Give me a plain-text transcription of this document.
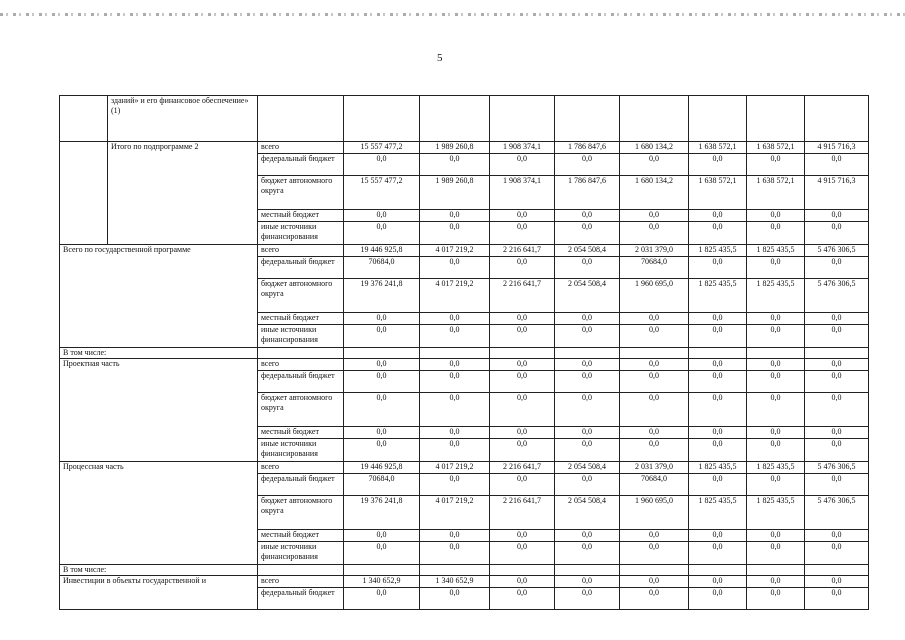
5
	зданий» и его финансовое обеспечение» (1)									
	Итого по подпрограмме 2	всего	15 557 477,2	1 989 260,8	1 908 374,1	1 786 847,6	1 680 134,2	1 638 572,1	1 638 572,1	4 915 716,3
		федеральный бюджет	0,0	0,0	0,0	0,0	0,0	0,0	0,0	0,0
		бюджет автономного округа	15 557 477,2	1 989 260,8	1 908 374,1	1 786 847,6	1 680 134,2	1 638 572,1	1 638 572,1	4 915 716,3
		местный бюджет	0,0	0,0	0,0	0,0	0,0	0,0	0,0	0,0
		иные источники финансирования	0,0	0,0	0,0	0,0	0,0	0,0	0,0	0,0
Всего по государственной программе		всего	19 446 925,8	4 017 219,2	2 216 641,7	2 054 508,4	2 031 379,0	1 825 435,5	1 825 435,5	5 476 306,5
		федеральный бюджет	70684,0	0,0	0,0	0,0	70684,0	0,0	0,0	0,0
		бюджет автономного округа	19 376 241,8	4 017 219,2	2 216 641,7	2 054 508,4	1 960 695,0	1 825 435,5	1 825 435,5	5 476 306,5
		местный бюджет	0,0	0,0	0,0	0,0	0,0	0,0	0,0	0,0
		иные источники финансирования	0,0	0,0	0,0	0,0	0,0	0,0	0,0	0,0
В том числе:										
Проектная часть		всего	0,0	0,0	0,0	0,0	0,0	0,0	0,0	0,0
		федеральный бюджет	0,0	0,0	0,0	0,0	0,0	0,0	0,0	0,0
		бюджет автономного округа	0,0	0,0	0,0	0,0	0,0	0,0	0,0	0,0
		местный бюджет	0,0	0,0	0,0	0,0	0,0	0,0	0,0	0,0
		иные источники финансирования	0,0	0,0	0,0	0,0	0,0	0,0	0,0	0,0
Процессная часть		всего	19 446 925,8	4 017 219,2	2 216 641,7	2 054 508,4	2 031 379,0	1 825 435,5	1 825 435,5	5 476 306,5
		федеральный бюджет	70684,0	0,0	0,0	0,0	70684,0	0,0	0,0	0,0
		бюджет автономного округа	19 376 241,8	4 017 219,2	2 216 641,7	2 054 508,4	1 960 695,0	1 825 435,5	1 825 435,5	5 476 306,5
		местный бюджет	0,0	0,0	0,0	0,0	0,0	0,0	0,0	0,0
		иные источники финансирования	0,0	0,0	0,0	0,0	0,0	0,0	0,0	0,0
В том числе:										
Инвестиции в объекты государственной и		всего	1 340 652,9	1 340 652,9	0,0	0,0	0,0	0,0	0,0	0,0
		федеральный бюджет	0,0	0,0	0,0	0,0	0,0	0,0	0,0	0,0
